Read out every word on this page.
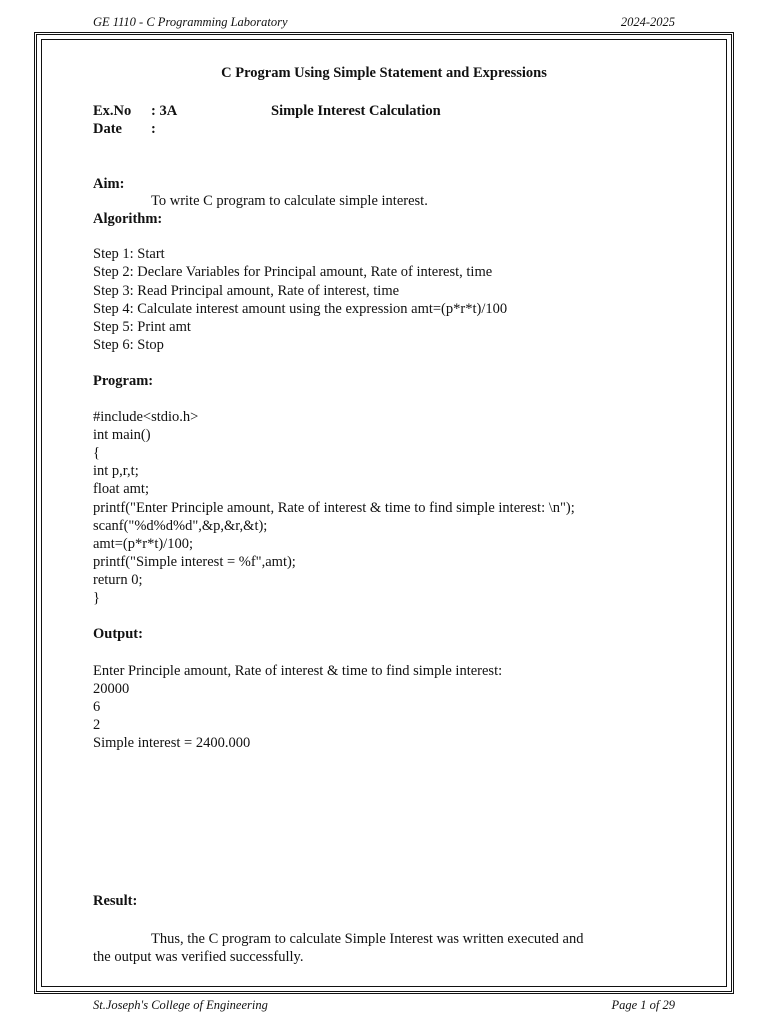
GE 1110 - C Programming Laboratory	2024-2025
C Program Using Simple Statement and Expressions
Ex.No : 3A	Simple Interest Calculation
Date :
Aim:
To write C program to calculate simple interest.
Algorithm:
Step 1: Start
Step 2: Declare Variables for Principal amount, Rate of interest, time
Step 3: Read Principal amount, Rate of interest, time
Step 4: Calculate interest amount using the expression amt=(p*r*t)/100
Step 5: Print amt
Step 6: Stop
Program:
#include<stdio.h>
int main()
{
int p,r,t;
float amt;
printf("Enter Principle amount, Rate of interest & time to find simple interest: \n");
scanf("%d%d%d",&p,&r,&t);
amt=(p*r*t)/100;
printf("Simple interest = %f",amt);
return 0;
}
Output:
Enter Principle amount, Rate of interest & time to find simple interest:
20000
6
2
Simple interest = 2400.000
Result:
Thus, the C program to calculate Simple Interest was written executed and
the output was verified successfully.
St.Joseph's College of Engineering	Page 1 of 29
